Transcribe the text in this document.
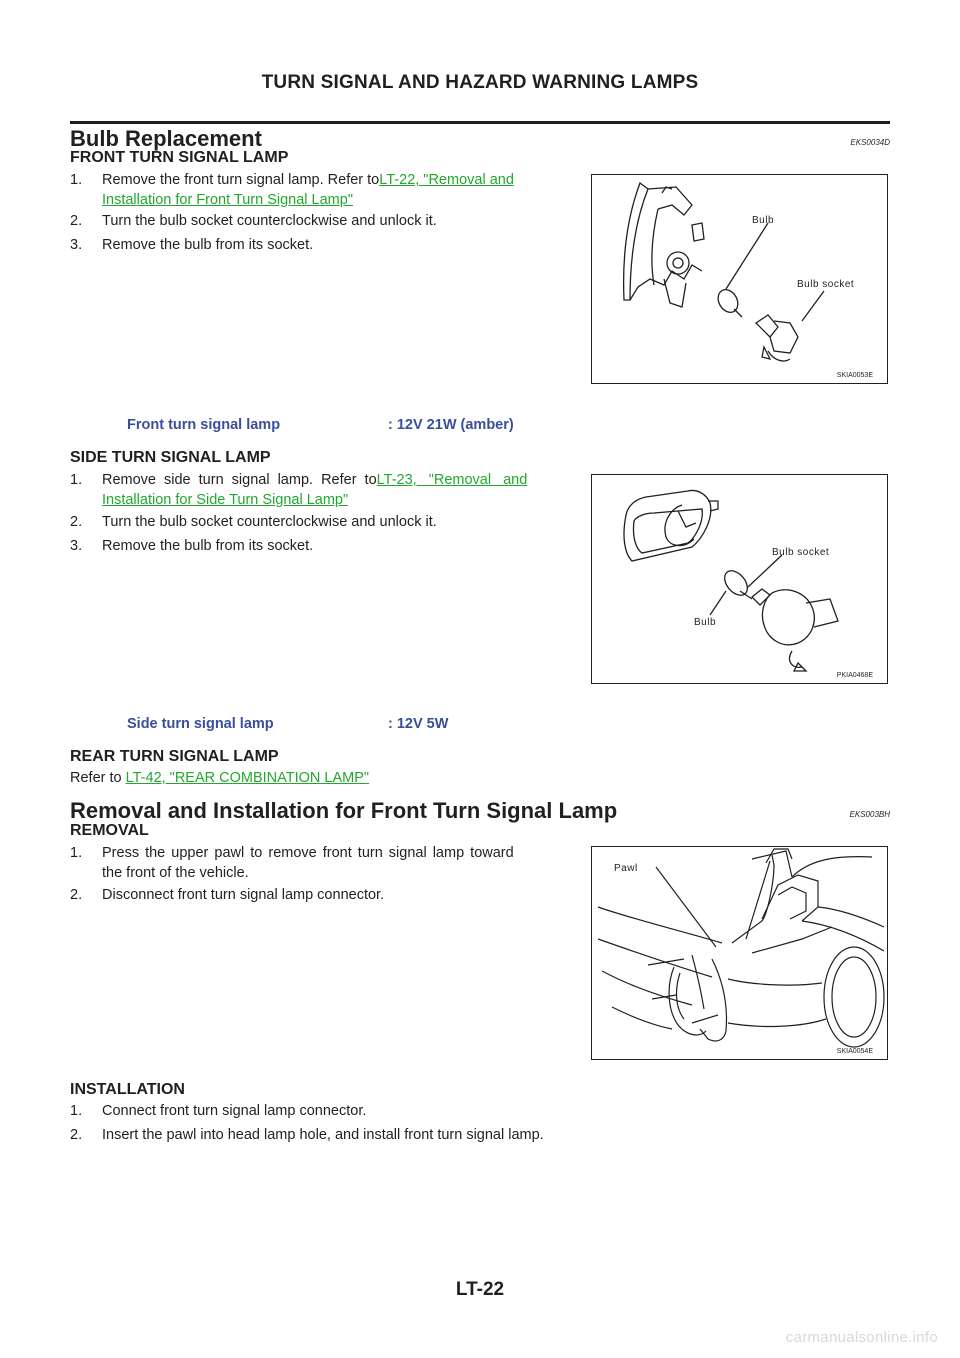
TURN SIGNAL AND HAZARD WARNING LAMPS
Bulb Replacement	EKS0034D
FRONT TURN SIGNAL LAMP
1. Remove the front turn signal lamp. Refer toLT-22, "Removal and
Installation for Front Turn Signal Lamp"
2. Turn the bulb socket counterclockwise and unlock it.
3. Remove the bulb from its socket.
Bulb
Bulb socket
SKIA0053E
Front turn signal lamp	: 12V 21W (amber)
SIDE TURN SIGNAL LAMP
1. Remove side turn signal lamp. Refer toLT-23, "Removal and
Installation for Side Turn Signal Lamp"
2. Turn the bulb socket counterclockwise and unlock it.
3. Remove the bulb from its socket.	Bulb socket
Bulb
PKIA0468E
Side turn signal lamp	: 12V 5W
REAR TURN SIGNAL LAMP
Refer to LT-42, "REAR COMBINATION LAMP"
Removal and Installation for Front Turn Signal Lamp	EKS003BH
REMOVAL
1. Press the upper pawl to remove front turn signal lamp toward
the front of the vehicle.
2. Disconnect front turn signal lamp connector.
Pawl
SKIA0054E
INSTALLATION
1. Connect front turn signal lamp connector.
2. Insert the pawl into head lamp hole, and install front turn signal lamp.
LT-22
carmanualsonline.info
